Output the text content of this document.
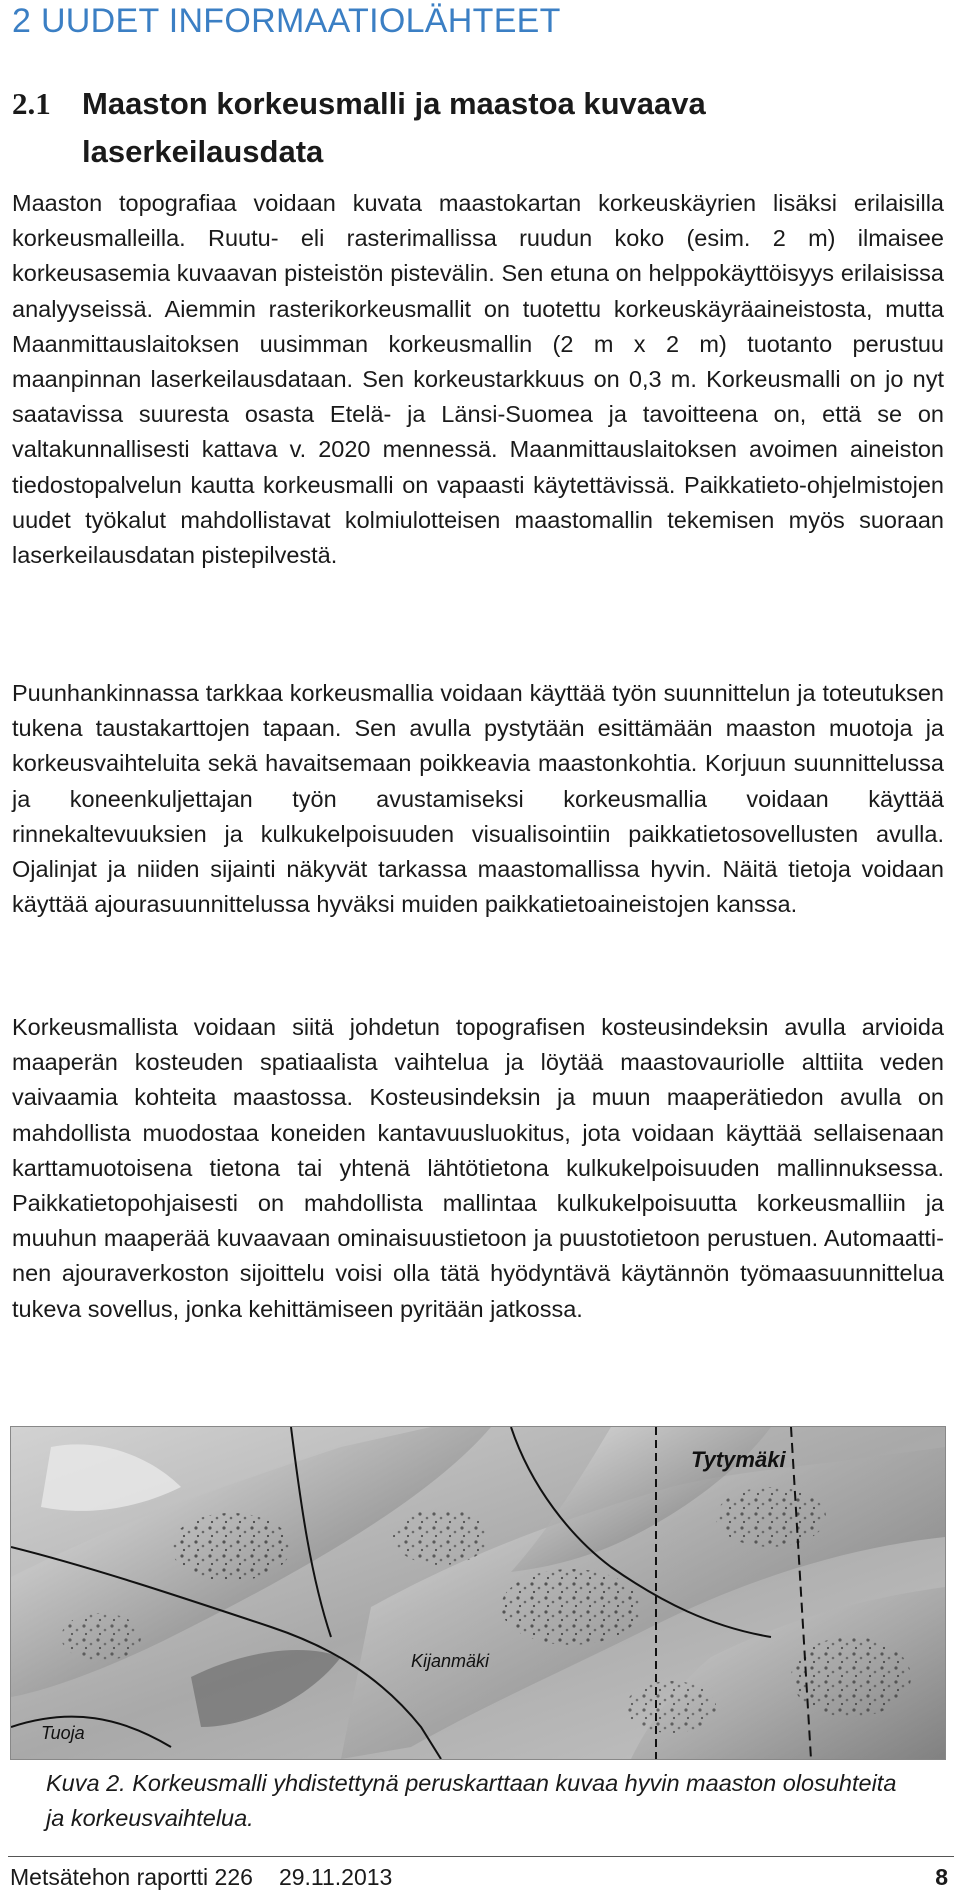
2 UUDET INFORMAATIOLÄHTEET
2.1 Maaston korkeusmalli ja maastoa kuvaava
laserkeilausdata

Maaston topografiaa voidaan kuvata maastokartan korkeuskäyrien lisäksi erilaisilla korkeusmalleilla. Ruutu- eli rasterimallissa ruudun koko (esim. 2 m) ilmaisee korkeusasemia kuvaavan pisteistön pistevälin. Sen etuna on helppokäyttöisyys erilaisissa analyyseissä. Aiemmin rasterikorkeusmallit on tuotettu korkeuskäyräaineistosta, mutta Maanmittauslaitoksen uusimman korkeusmallin (2 m x 2 m) tuotanto perustuu maanpinnan laserkeilausdataan. Sen korkeustarkkuus on 0,3 m. Korkeusmalli on jo nyt saatavissa suuresta osasta Etelä- ja Länsi-Suomea ja tavoitteena on, että se on valtakunnallisesti kattava v. 2020 mennessä. Maanmittauslaitoksen avoimen aineiston tiedostopalvelun kautta korkeusmalli on vapaasti käytettävissä. Paikkatieto-ohjelmistojen uudet työkalut mahdollistavat kolmiulotteisen maastomallin tekemisen myös suoraan laserkeilausdatan pistepilvestä.

Puunhankinnassa tarkkaa korkeusmallia voidaan käyttää työn suunnittelun ja toteutuksen tukena taustakarttojen tapaan. Sen avulla pystytään esittämään maaston muotoja ja korkeusvaihteluita sekä havaitsemaan poikkeavia maastonkohtia. Korjuun suunnittelussa ja koneenkuljettajan työn avustamiseksi korkeusmallia voidaan käyttää rinnekaltevuuksien ja kulkukelpoisuuden visualisointiin paikkatietosovellusten avulla. Ojalinjat ja niiden sijainti näkyvät tarkassa maastomallissa hyvin. Näitä tietoja voidaan käyttää ajourasuunnittelussa hyväksi muiden paikkatietoaineistojen kanssa.

Korkeusmallista voidaan siitä johdetun topografisen kosteusindeksin avulla arvioida maaperän kosteuden spatiaalista vaihtelua ja löytää maastovauriolle alttiita veden vaivaamia kohteita maastossa. Kosteusindeksin ja muun maaperätiedon avulla on mahdollista muodostaa koneiden kantavuusluokitus, jota voidaan käyttää sellaisenaan karttamuotoisena tietona tai yhtenä lähtötietona kulkukelpoisuuden mallinnuksessa. Paikkatietopohjaisesti on mahdollista mallintaa kulkukelpoisuutta korkeusmalliin ja muuhun maaperää kuvaavaan ominaisuustietoon ja puustotietoon perustuen. Automaattinen ajouraverkoston sijoittelu voisi olla tätä hyödyntävä käytännön työmaasuunnittelua tukeva sovellus, jonka kehittämiseen pyritään jatkossa.

Tytymäki
Kijanmäki
Tuoja

Kuva 2. Korkeusmalli yhdistettynä peruskarttaan kuvaa hyvin maaston olosuhteita ja korkeusvaihtelua.

Metsätehon raportti 226 29.11.2013	8
